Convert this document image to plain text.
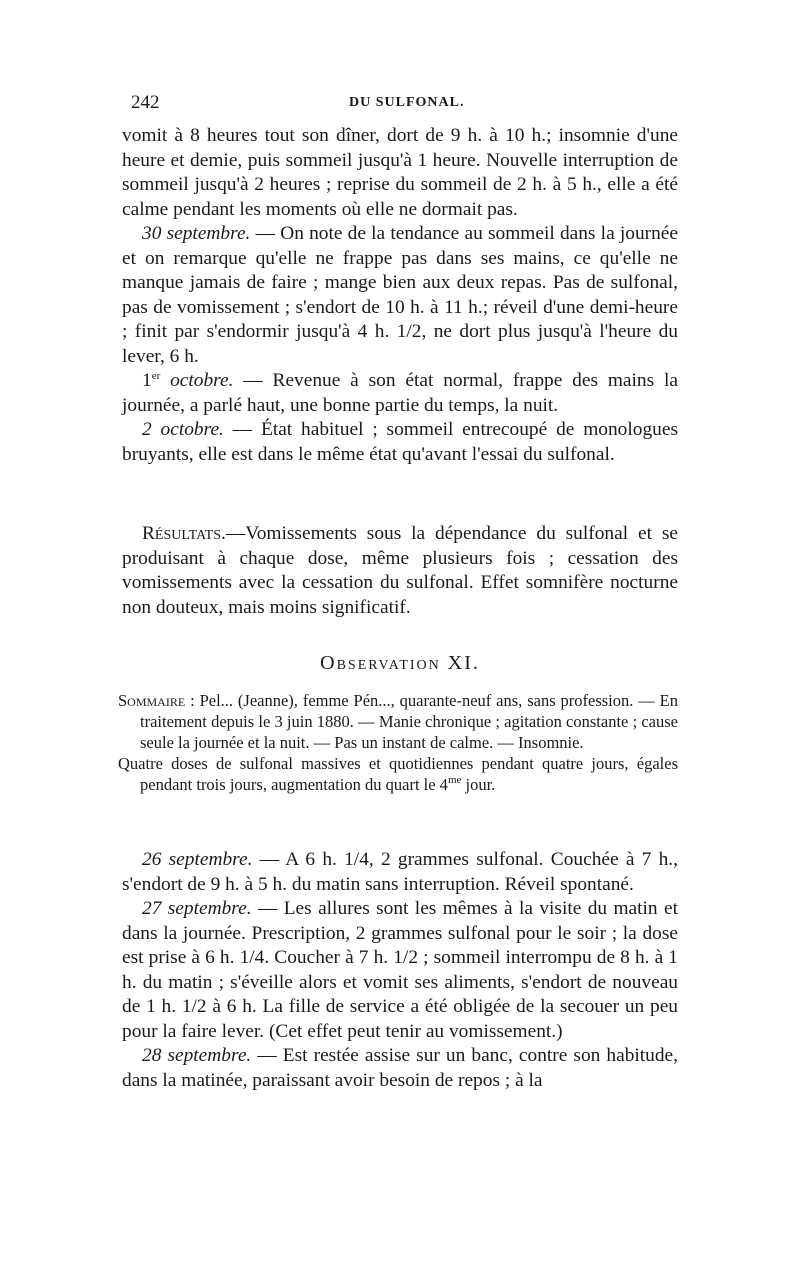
242	DU SULFONAL.

vomit à 8 heures tout son dîner, dort de 9 h. à 10 h.; insomnie d'une heure et demie, puis sommeil jusqu'à 1 heure. Nouvelle interruption de sommeil jusqu'à 2 heures ; reprise du sommeil de 2 h. à 5 h., elle a été calme pendant les moments où elle ne dormait pas.

30 septembre. — On note de la tendance au sommeil dans la journée et on remarque qu'elle ne frappe pas dans ses mains, ce qu'elle ne manque jamais de faire ; mange bien aux deux repas. Pas de sulfonal, pas de vomissement ; s'endort de 10 h. à 11 h.; réveil d'une demi-heure ; finit par s'endormir jusqu'à 4 h. 1/2, ne dort plus jusqu'à l'heure du lever, 6 h.

1er octobre. — Revenue à son état normal, frappe des mains la journée, a parlé haut, une bonne partie du temps, la nuit.

2 octobre. — État habituel ; sommeil entrecoupé de monologues bruyants, elle est dans le même état qu'avant l'essai du sulfonal.

Résultats.—Vomissements sous la dépendance du sulfonal et se produisant à chaque dose, même plusieurs fois ; cessation des vomissements avec la cessation du sulfonal. Effet somnifère nocturne non douteux, mais moins significatif.

Observation XI.

Sommaire : Pel... (Jeanne), femme Pén..., quarante-neuf ans, sans profession. — En traitement depuis le 3 juin 1880. — Manie chronique ; agitation constante ; cause seule la journée et la nuit. — Pas un instant de calme. — Insomnie.

Quatre doses de sulfonal massives et quotidiennes pendant quatre jours, égales pendant trois jours, augmentation du quart le $4^{me}$ jour.

26 septembre. — A 6 h. 1/4, 2 grammes sulfonal. Couchée à 7 h., s'endort de 9 h. à 5 h. du matin sans interruption. Réveil spontané.

27 septembre. — Les allures sont les mêmes à la visite du matin et dans la journée. Prescription, 2 grammes sulfonal pour le soir ; la dose est prise à 6 h. 1/4. Coucher à 7 h. 1/2 ; sommeil interrompu de 8 h. à 1 h. du matin ; s'éveille alors et vomit ses aliments, s'endort de nouveau de 1 h. 1/2 à 6 h. La fille de service a été obligée de la secouer un peu pour la faire lever. (Cet effet peut tenir au vomissement.)

28 septembre. — Est restée assise sur un banc, contre son habitude, dans la matinée, paraissant avoir besoin de repos ; à la
